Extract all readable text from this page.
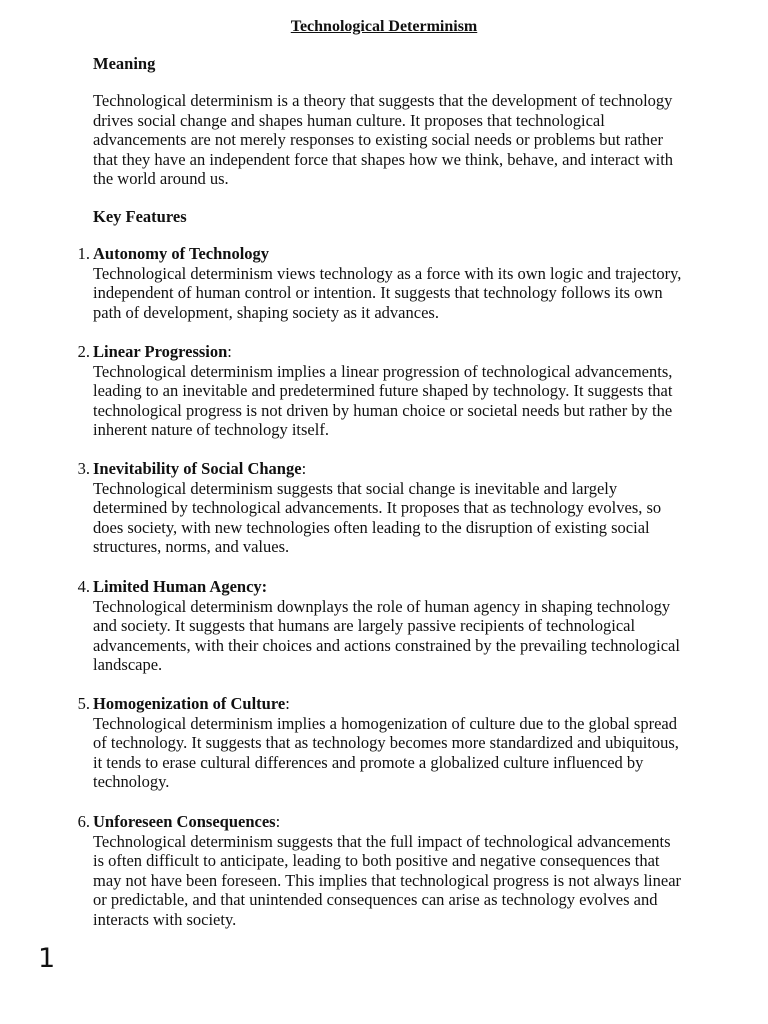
Technological Determinism
Meaning

Technological determinism is a theory that suggests that the development of technology drives social change and shapes human culture. It proposes that technological advancements are not merely responses to existing social needs or problems but rather that they have an independent force that shapes how we think, behave, and interact with the world around us.

Key Features
1. Autonomy of Technology

Technological determinism views technology as a force with its own logic and trajectory, independent of human control or intention. It suggests that technology follows its own path of development, shaping society as it advances.

2. Linear Progression:

Technological determinism implies a linear progression of technological advancements, leading to an inevitable and predetermined future shaped by technology. It suggests that technological progress is not driven by human choice or societal needs but rather by the inherent nature of technology itself.

3. Inevitability of Social Change:

Technological determinism suggests that social change is inevitable and largely determined by technological advancements. It proposes that as technology evolves, so does society, with new technologies often leading to the disruption of existing social structures, norms, and values.

4. Limited Human Agency:

Technological determinism downplays the role of human agency in shaping technology and society. It suggests that humans are largely passive recipients of technological advancements, with their choices and actions constrained by the prevailing technological landscape.

5. Homogenization of Culture:

Technological determinism implies a homogenization of culture due to the global spread of technology. It suggests that as technology becomes more standardized and ubiquitous, it tends to erase cultural differences and promote a globalized culture influenced by technology.

6. Unforeseen Consequences:

Technological determinism suggests that the full impact of technological advancements is often difficult to anticipate, leading to both positive and negative consequences that may not have been foreseen. This implies that technological progress is not always linear or predictable, and that unintended consequences can arise as technology evolves and interacts with society.

1
